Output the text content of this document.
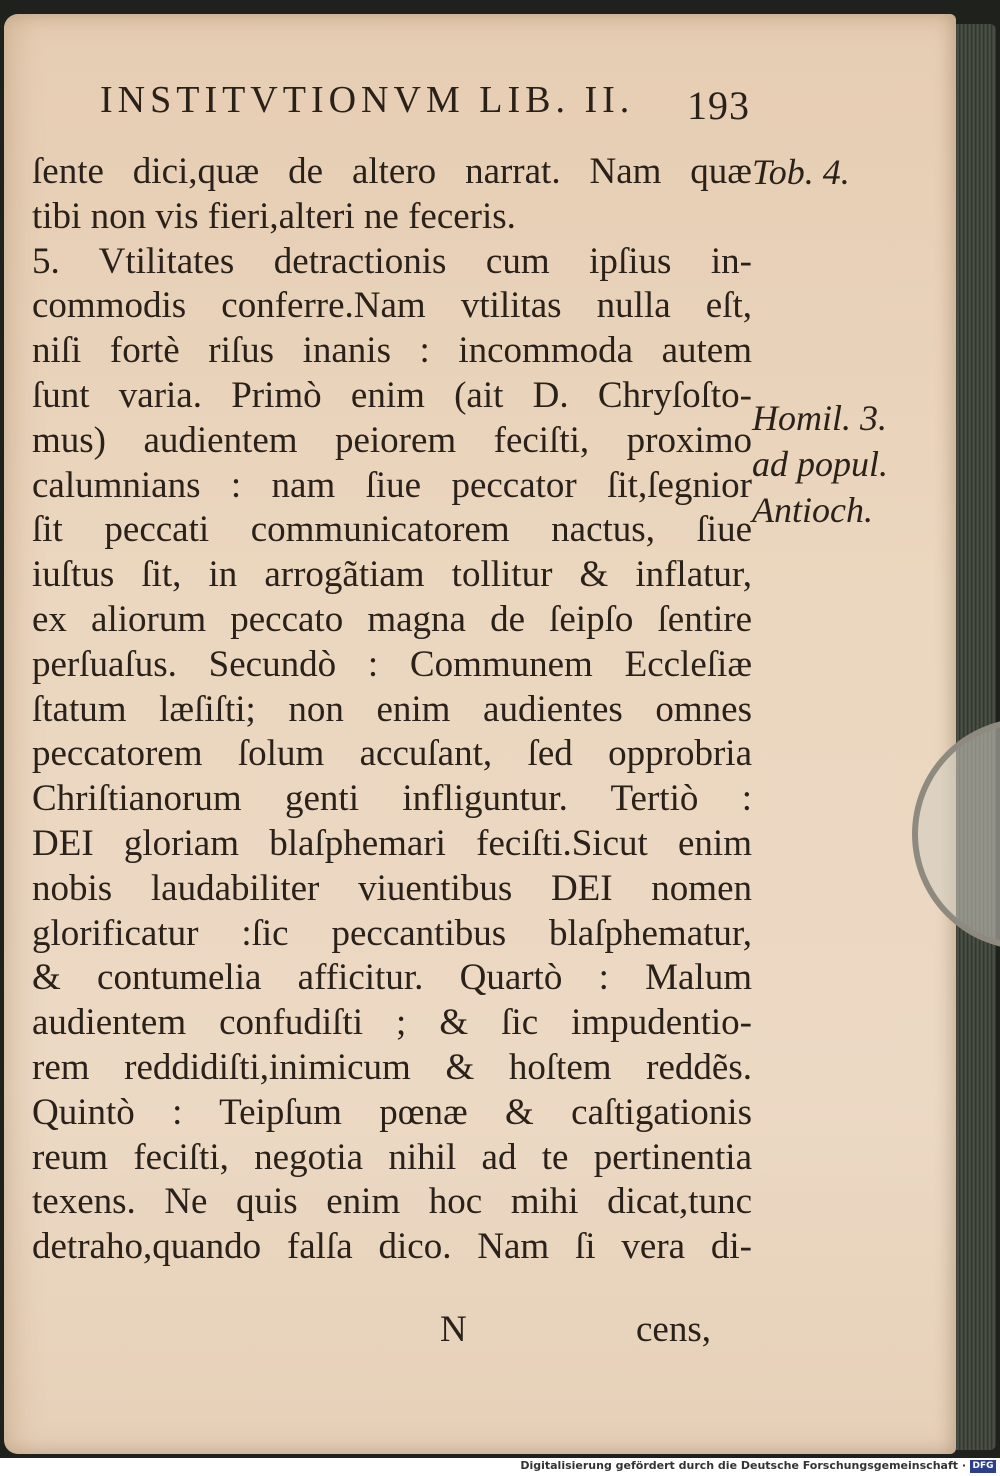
INSTITVTIONVM LIB. II. 193
ſente dici,quæ de altero narrat. Nam quæ
tibi non vis fieri,alteri ne feceris.
5. Vtilitates detractionis cum ipſius in-
commodis conferre.Nam vtilitas nulla eſt,
niſi fortè riſus inanis : incommoda autem
ſunt varia. Primò enim (ait D. Chryſoſto-
mus) audientem peiorem feciſti, proximo
calumnians : nam ſiue peccator ſit,ſegnior
ſit peccati communicatorem nactus, ſiue
iuſtus ſit, in arrogãtiam tollitur & inflatur,
ex aliorum peccato magna de ſeipſo ſentire
perſuaſus. Secundò : Communem Eccleſiæ
ſtatum læſiſti; non enim audientes omnes
peccatorem ſolum accuſant, ſed opprobria
Chriſtianorum genti infliguntur. Tertiò :
DEI gloriam blaſphemari feciſti.Sicut enim
nobis laudabiliter viuentibus DEI nomen
glorificatur :ſic peccantibus blaſphematur,
& contumelia afficitur. Quartò : Malum
audientem confudiſti ; & ſic impudentio-
rem reddidiſti,inimicum & hoſtem reddẽs.
Quintò : Teipſum pœnæ & caſtigationis
reum feciſti, negotia nihil ad te pertinentia
texens. Ne quis enim hoc mihi dicat,tunc
detraho,quando falſa dico. Nam ſi vera di-
Tob. 4.
Homil. 3.
ad popul.
Antioch.
N	cens,
Digitalisierung gefördert durch die Deutsche Forschungsgemeinschaft · DFG
